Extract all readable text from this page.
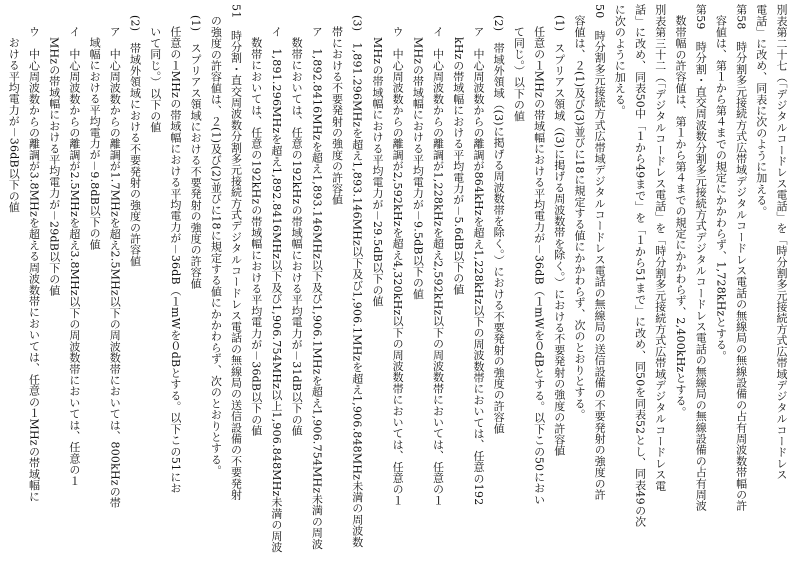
別表第二十七（「デジタルコードレス電話」を「時分割多元接続方式広帯域デジタルコードレス
電話」に改め、同表に次のように加える。
第58　時分割多元接続方式広帯域デジタルコードレス電話の無線局の無線設備の占有周波数帯幅の許
容値は、第１から第４までの規定にかかわらず、1,728kHzとする。
第59　時分割・直交周波数分割多元接続方式デジタルコードレス電話の無線局の無線設備の占有周波
数帯幅の許容値は、第１から第４までの規定にかかわらず、2,400kHzとする。
別表第三十二（「デジタルコードレス電話」を「時分割多元接続方式広帯域デジタルコードレス電
話」に改め、同表50中「１から49まで」を「１から51まで」に改め、同50を同表52とし、同表49の次
に次のように加える。
50　時分割多元接続方式広帯域デジタルコードレス電話の無線局の送信設備の不要発射の強度の許
容値は、２(1)及び(3)並びに18に規定する値にかかわらず、次のとおりとする。
(1)　スプリアス領域（(3)に掲げる周波数帯を除く。）における不要発射の強度の許容値
任意の１MHzの帯域幅における平均電力が－36dB（１mWを０dBとする。以下この50におい
て同じ。）以下の値
(2)　帯域外領域（(3)に掲げる周波数帯を除く。）における不要発射の強度の許容値
ア　中心周波数からの離調が864kHzを超え1,228kHz以下の周波数帯においては、任意の192
kHzの帯域幅における平均電力が－5.6dB以下の値
イ　中心周波数からの離調が1,228kHzを超え2,592kHz以下の周波数帯においては、任意の１
MHzの帯域幅における平均電力が－9.5dB以下の値
ウ　中心周波数からの離調が2,592kHzを超え4,320kHz以下の周波数帯においては、任意の１
MHzの帯域幅における平均電力が－29.5dB以下の値
(3)　1,891.296MHzを超え1,893.146MHz以下及び1,906.1MHzを超え1,906.848MHz未満の周波数
帯における不要発射の強度の許容値
ア　1,892.8416MHzを超え1,893.146MHz以下及び1,906.1MHzを超え1,906.754MHz未満の周波
数帯においては、任意の192kHzの帯域幅における平均電力が－31dB以下の値
イ　1,891.296MHzを超え1,892.8416MHz以下及び1,906.754MHz以上1,906.848MHz未満の周波
数帯においては、任意の192kHzの帯域幅における平均電力が－36dB以下の値
51　時分割・直交周波数分割多元接続方式デジタルコードレス電話の無線局の送信設備の不要発射
の強度の許容値は、２(1)及び(2)並びに18に規定する値にかかわらず、次のとおりとする。
(1)　スプリアス領域における不要発射の強度の許容値
任意の１MHzの帯域幅における平均電力が－36dB（１mWを０dBとする。以下この51にお
いて同じ。）以下の値
(2)　帯域外領域における不要発射の強度の許容値
ア　中心周波数からの離調が1.7MHzを超え2.5MHz以下の周波数帯においては、800kHzの帯
域幅における平均電力が－9.8dB以下の値
イ　中心周波数からの離調が2.5MHzを超え3.8MHz以下の周波数帯においては、任意の１
MHzの帯域幅における平均電力が－29dB以下の値
ウ　中心周波数からの離調が3.8MHzを超える周波数帯においては、任意の１MHzの帯域幅に
おける平均電力が－36dB以下の値
